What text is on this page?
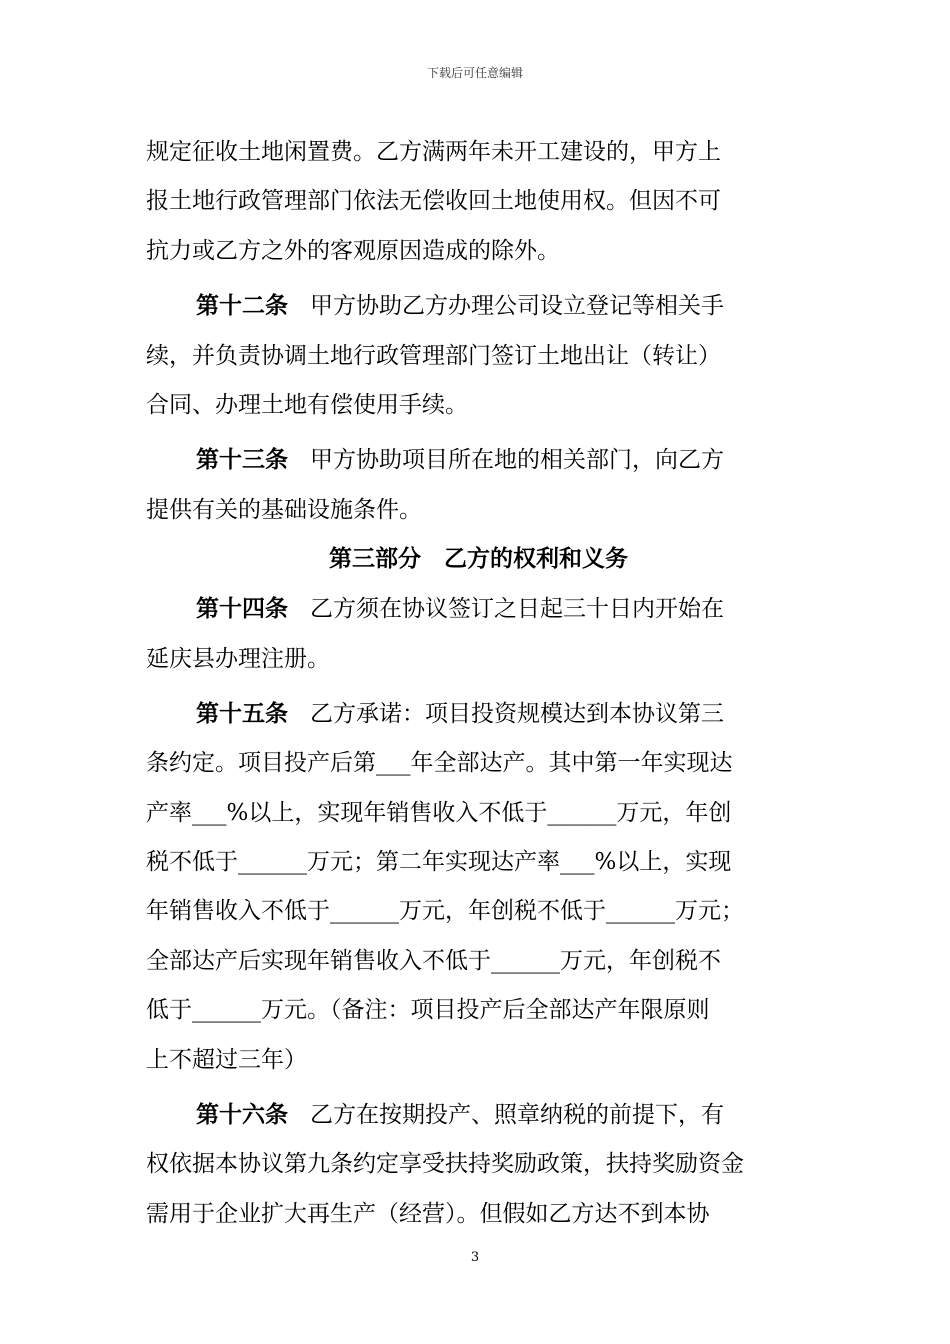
下载后可任意编辑
规定征收土地闲置费。乙方满两年未开工建设的，甲方上
报土地行政管理部门依法无偿收回土地使用权。但因不可
抗力或乙方之外的客观原因造成的除外。
第十二条 甲方协助乙方办理公司设立登记等相关手
续，并负责协调土地行政管理部门签订土地出让（转让）
合同、办理土地有偿使用手续。
第十三条 甲方协助项目所在地的相关部门，向乙方
提供有关的基础设施条件。
第三部分　乙方的权利和义务
第十四条 乙方须在协议签订之日起三十日内开始在
延庆县办理注册。
第十五条 乙方承诺：项目投资规模达到本协议第三
条约定。项目投产后第___年全部达产。其中第一年实现达
产率___%以上，实现年销售收入不低于______万元，年创
税不低于______万元；第二年实现达产率___%以上，实现
年销售收入不低于______万元，年创税不低于______万元；
全部达产后实现年销售收入不低于______万元，年创税不
低于______万元。（备注：项目投产后全部达产年限原则
上不超过三年）
第十六条 乙方在按期投产、照章纳税的前提下，有
权依据本协议第九条约定享受扶持奖励政策，扶持奖励资金
需用于企业扩大再生产（经营）。但假如乙方达不到本协
3
